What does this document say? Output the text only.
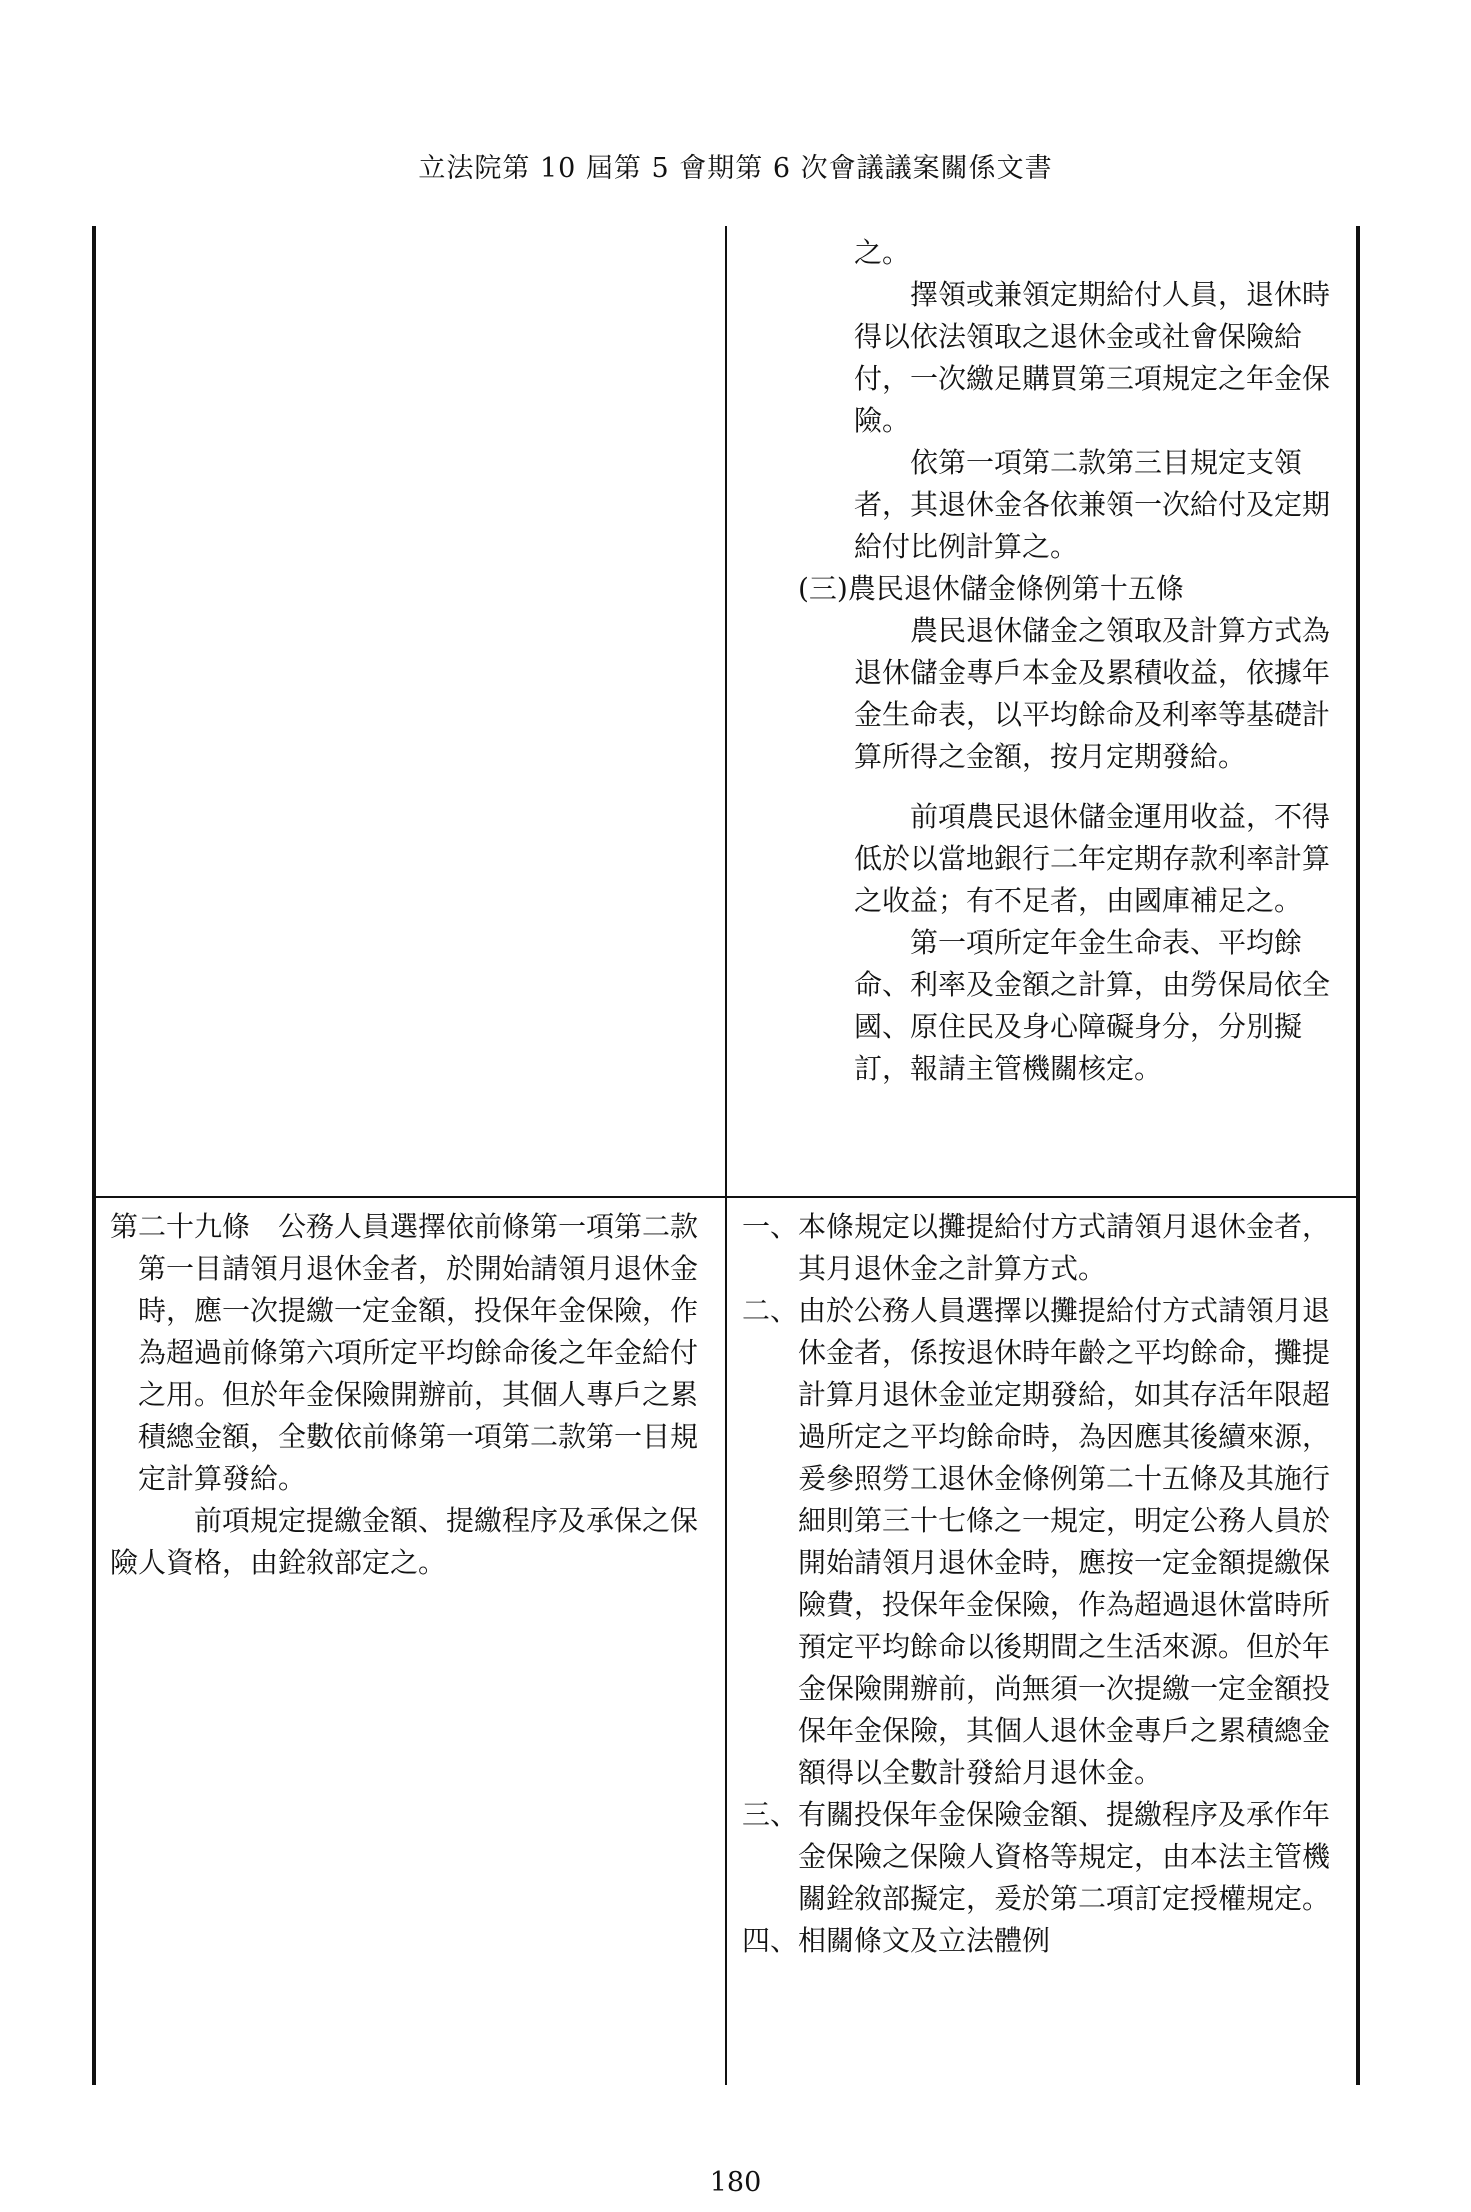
立法院第 10 屆第 5 會期第 6 次會議議案關係文書

之。

擇領或兼領定期給付人員，退休時得以依法領取之退休金或社會保險給付，一次繳足購買第三項規定之年金保險。

依第一項第二款第三目規定支領者，其退休金各依兼領一次給付及定期給付比例計算之。

(三)農民退休儲金條例第十五條

農民退休儲金之領取及計算方式為退休儲金專戶本金及累積收益，依據年金生命表，以平均餘命及利率等基礎計算所得之金額，按月定期發給。

前項農民退休儲金運用收益，不得低於以當地銀行二年定期存款利率計算之收益；有不足者，由國庫補足之。

第一項所定年金生命表、平均餘命、利率及金額之計算，由勞保局依全國、原住民及身心障礙身分，分別擬訂，報請主管機關核定。

第二十九條　公務人員選擇依前條第一項第二款第一目請領月退休金者，於開始請領月退休金時，應一次提繳一定金額，投保年金保險，作為超過前條第六項所定平均餘命後之年金給付之用。但於年金保險開辦前，其個人專戶之累積總金額，全數依前條第一項第二款第一目規定計算發給。

前項規定提繳金額、提繳程序及承保之保險人資格，由銓敘部定之。

一、本條規定以攤提給付方式請領月退休金者，其月退休金之計算方式。

二、由於公務人員選擇以攤提給付方式請領月退休金者，係按退休時年齡之平均餘命，攤提計算月退休金並定期發給，如其存活年限超過所定之平均餘命時，為因應其後續來源，爰參照勞工退休金條例第二十五條及其施行細則第三十七條之一規定，明定公務人員於開始請領月退休金時，應按一定金額提繳保險費，投保年金保險，作為超過退休當時所預定平均餘命以後期間之生活來源。但於年金保險開辦前，尚無須一次提繳一定金額投保年金保險，其個人退休金專戶之累積總金額得以全數計發給月退休金。

三、有關投保年金保險金額、提繳程序及承作年金保險之保險人資格等規定，由本法主管機關銓敘部擬定，爰於第二項訂定授權規定。

四、相關條文及立法體例

180
